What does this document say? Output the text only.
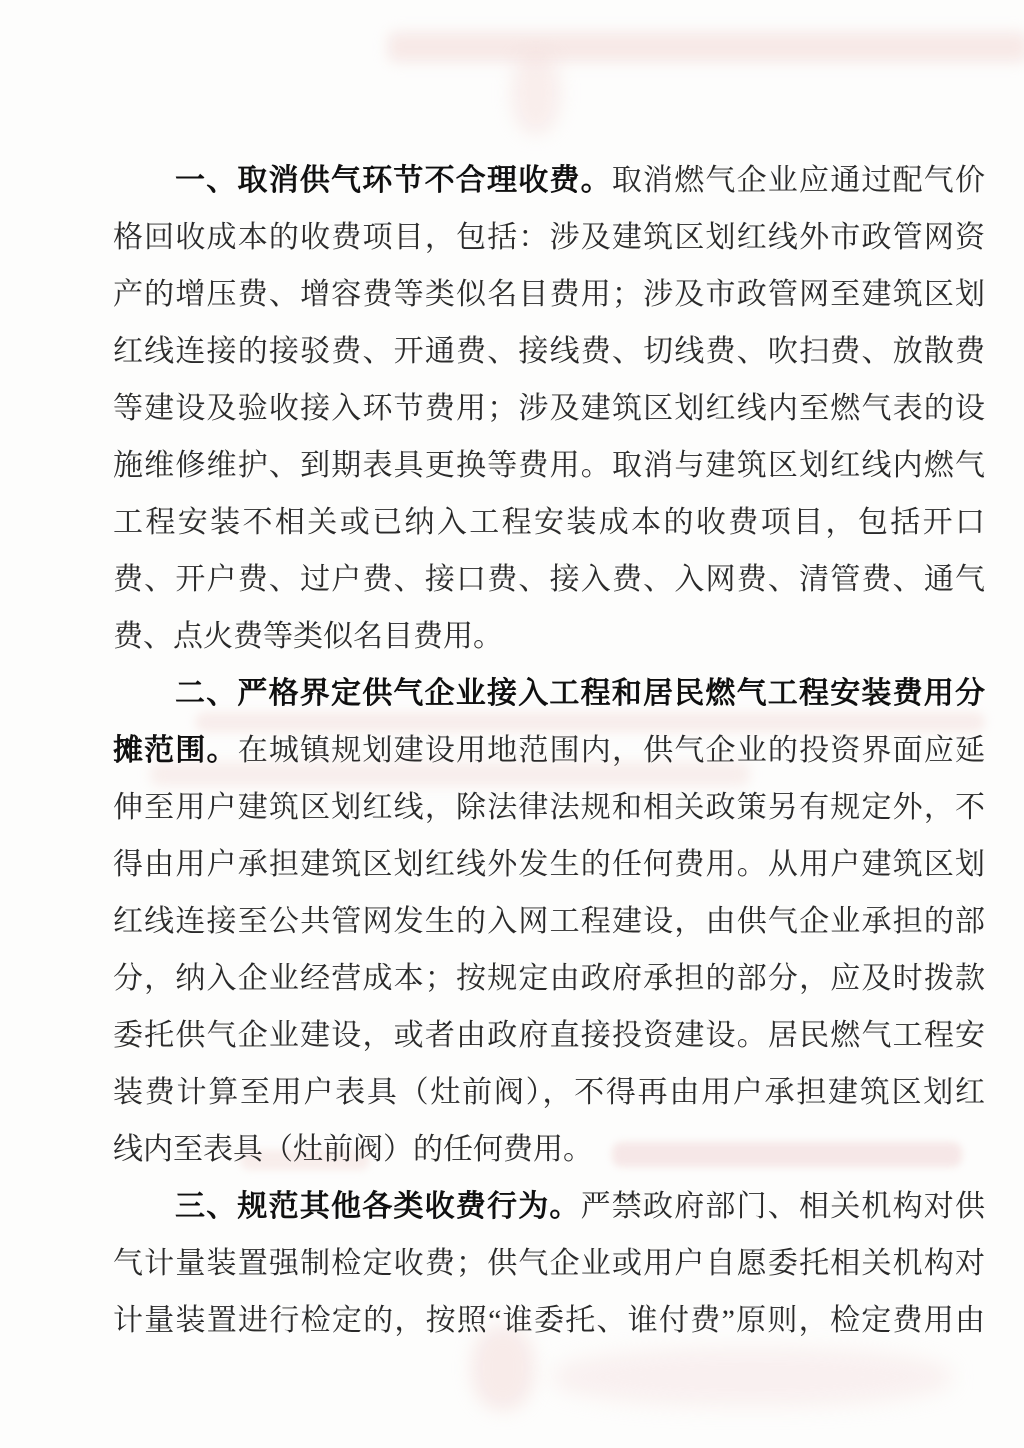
一、取消供气环节不合理收费。取消燃气企业应通过配气价
格回收成本的收费项目，包括：涉及建筑区划红线外市政管网资
产的增压费、增容费等类似名目费用；涉及市政管网至建筑区划
红线连接的接驳费、开通费、接线费、切线费、吹扫费、放散费
等建设及验收接入环节费用；涉及建筑区划红线内至燃气表的设
施维修维护、到期表具更换等费用。取消与建筑区划红线内燃气
工程安装不相关或已纳入工程安装成本的收费项目，包括开口
费、开户费、过户费、接口费、接入费、入网费、清管费、通气
费、点火费等类似名目费用。
二、严格界定供气企业接入工程和居民燃气工程安装费用分
摊范围。在城镇规划建设用地范围内，供气企业的投资界面应延
伸至用户建筑区划红线，除法律法规和相关政策另有规定外，不
得由用户承担建筑区划红线外发生的任何费用。从用户建筑区划
红线连接至公共管网发生的入网工程建设，由供气企业承担的部
分，纳入企业经营成本；按规定由政府承担的部分，应及时拨款
委托供气企业建设，或者由政府直接投资建设。居民燃气工程安
装费计算至用户表具（灶前阀），不得再由用户承担建筑区划红
线内至表具（灶前阀）的任何费用。
三、规范其他各类收费行为。严禁政府部门、相关机构对供
气计量装置强制检定收费；供气企业或用户自愿委托相关机构对
计量装置进行检定的，按照“谁委托、谁付费”原则，检定费用由
